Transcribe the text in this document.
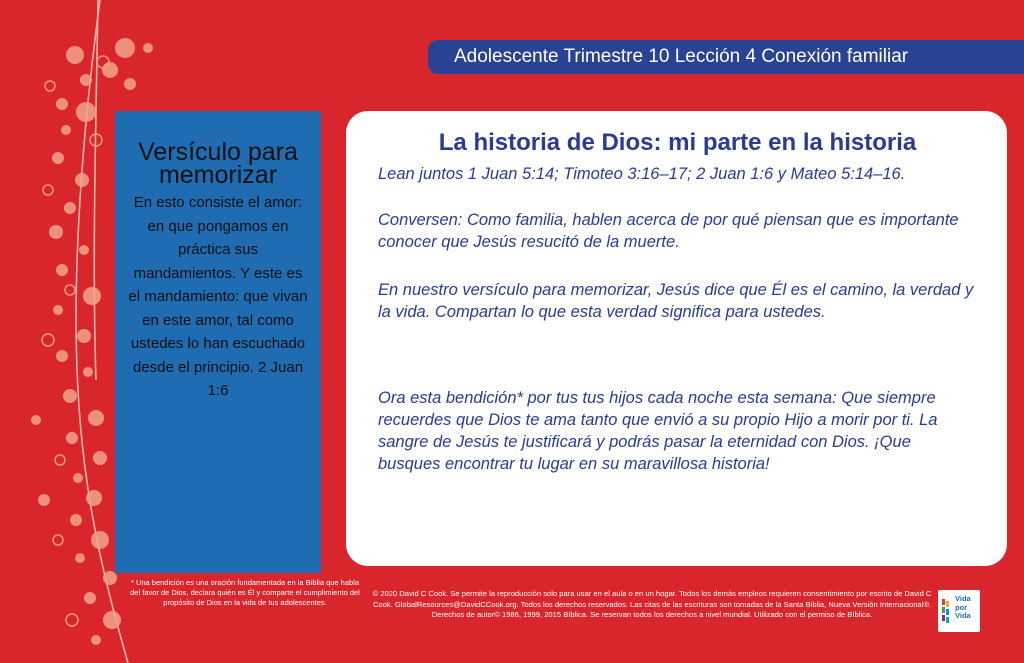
Adolescente Trimestre 10 Lección 4 Conexión familiar
Versículo para memorizar
En esto consiste el amor: en que pongamos en práctica sus mandamientos. Y este es el mandamiento: que vivan en este amor, tal como ustedes lo han escuchado desde el principio. 2 Juan 1:6
La historia de Dios: mi parte en la historia

Lean juntos 1 Juan 5:14; Timoteo 3:16–17; 2 Juan 1:6 y Mateo 5:14–16.

Conversen: Como familia, hablen acerca de por qué piensan que es importante conocer que Jesús resucitó de la muerte.

En nuestro versículo para memorizar, Jesús dice que Él es el camino, la verdad y la vida. Compartan lo que esta verdad significa para ustedes.

Ora esta bendición* por tus tus hijos cada noche esta semana: Que siempre recuerdes que Dios te ama tanto que envió a su propio Hijo a morir por ti. La sangre de Jesús te justificará y podrás pasar la eternidad con Dios. ¡Que busques encontrar tu lugar en su maravillosa historia!

* Una bendición es una oración fundamentada en la Biblia que habla del favor de Dios, declara quién es Él y comparte el cumplimiento del propósito de Dios en la vida de tus adolescentes.
© 2020 David C Cook. Se permite la reproducción solo para usar en el aula o en un hogar. Todos los demás empleos requieren consentimiento por escrito de David C Cook. GlobalResources@DavidCCook.org. Todos los derechos reservados. Las citas de las escrituras son tomadas de la Santa Biblia, Nueva Versión Internacional®. Derechos de autor© 1986, 1999, 2015 Bíblica. Se reservan todos los derechos a nivel mundial. Utilizado con el permiso de Bíblica.
Vida
por
Vida
